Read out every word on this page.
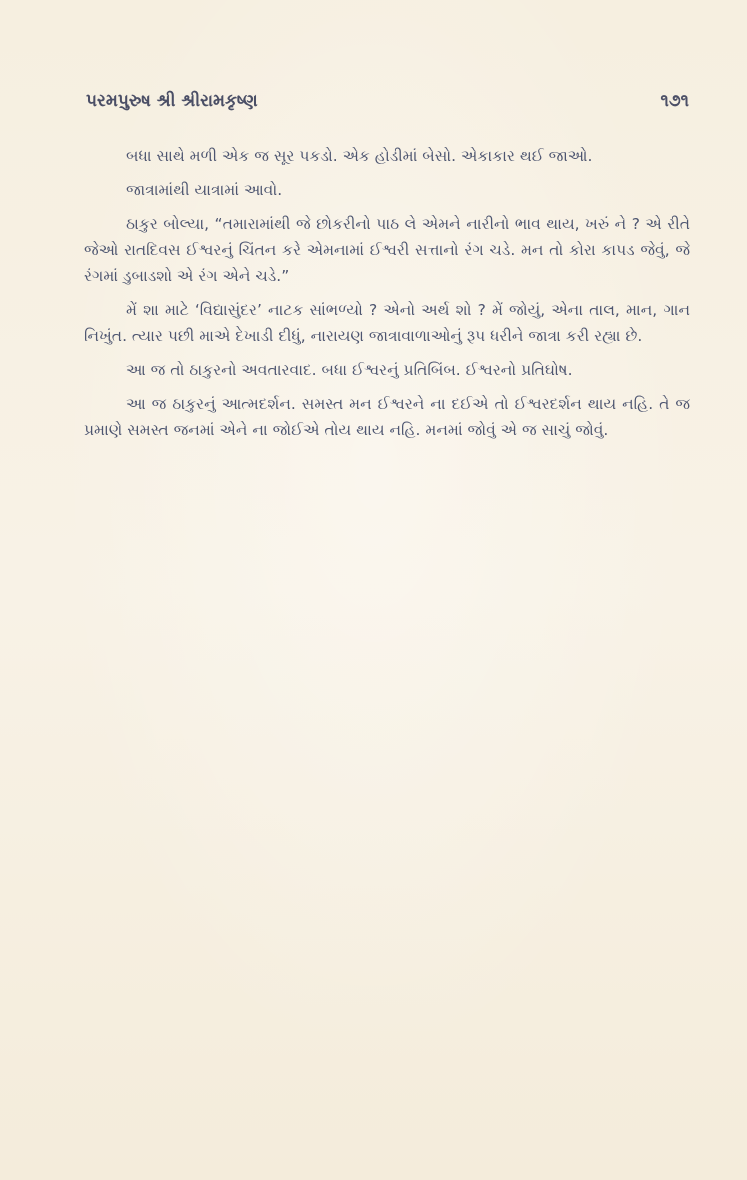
પરમપુરુષ શ્રી શ્રીરામકૃષ્ણ	૧૭૧

બધા સાથે મળી એક જ સૂર પકડો. એક હોડીમાં બેસો. એકાકાર થઈ જાઓ.

જાત્રામાંથી યાત્રામાં આવો.

ઠાકુર બોલ્યા, “તમારામાંથી જે છોકરીનો પાઠ લે એમને નારીનો ભાવ થાય, ખરું ને ? એ રીતે જેઓ રાતદિવસ ઈશ્વરનું ચિંતન કરે એમનામાં ઈશ્વરી સત્તાનો રંગ ચડે. મન તો કોરા કાપડ જેવું, જે રંગમાં ડુબાડશો એ રંગ એને ચડે.”

મેં શા માટે ‘વિદ્યાસુંદર’ નાટક સાંભળ્યો ? એનો અર્થ શો ? મેં જોયું, એના તાલ, માન, ગાન નિખુંત. ત્યાર પછી માએ દેખાડી દીધું, નારાયણ જાત્રાવાળાઓનું રૂપ ધરીને જાત્રા કરી રહ્યા છે.

આ જ તો ઠાકુરનો અવતારવાદ. બધા ઈશ્વરનું પ્રતિબિંબ. ઈશ્વરનો પ્રતિઘોષ.

આ જ ઠાકુરનું આત્મદર્શન. સમસ્ત મન ઈશ્વરને ના દઈએ તો ઈશ્વરદર્શન થાય નહિ. તે જ પ્રમાણે સમસ્ત જનમાં એને ના જોઈએ તોય થાય નહિ. મનમાં જોવું એ જ સાચું જોવું.
